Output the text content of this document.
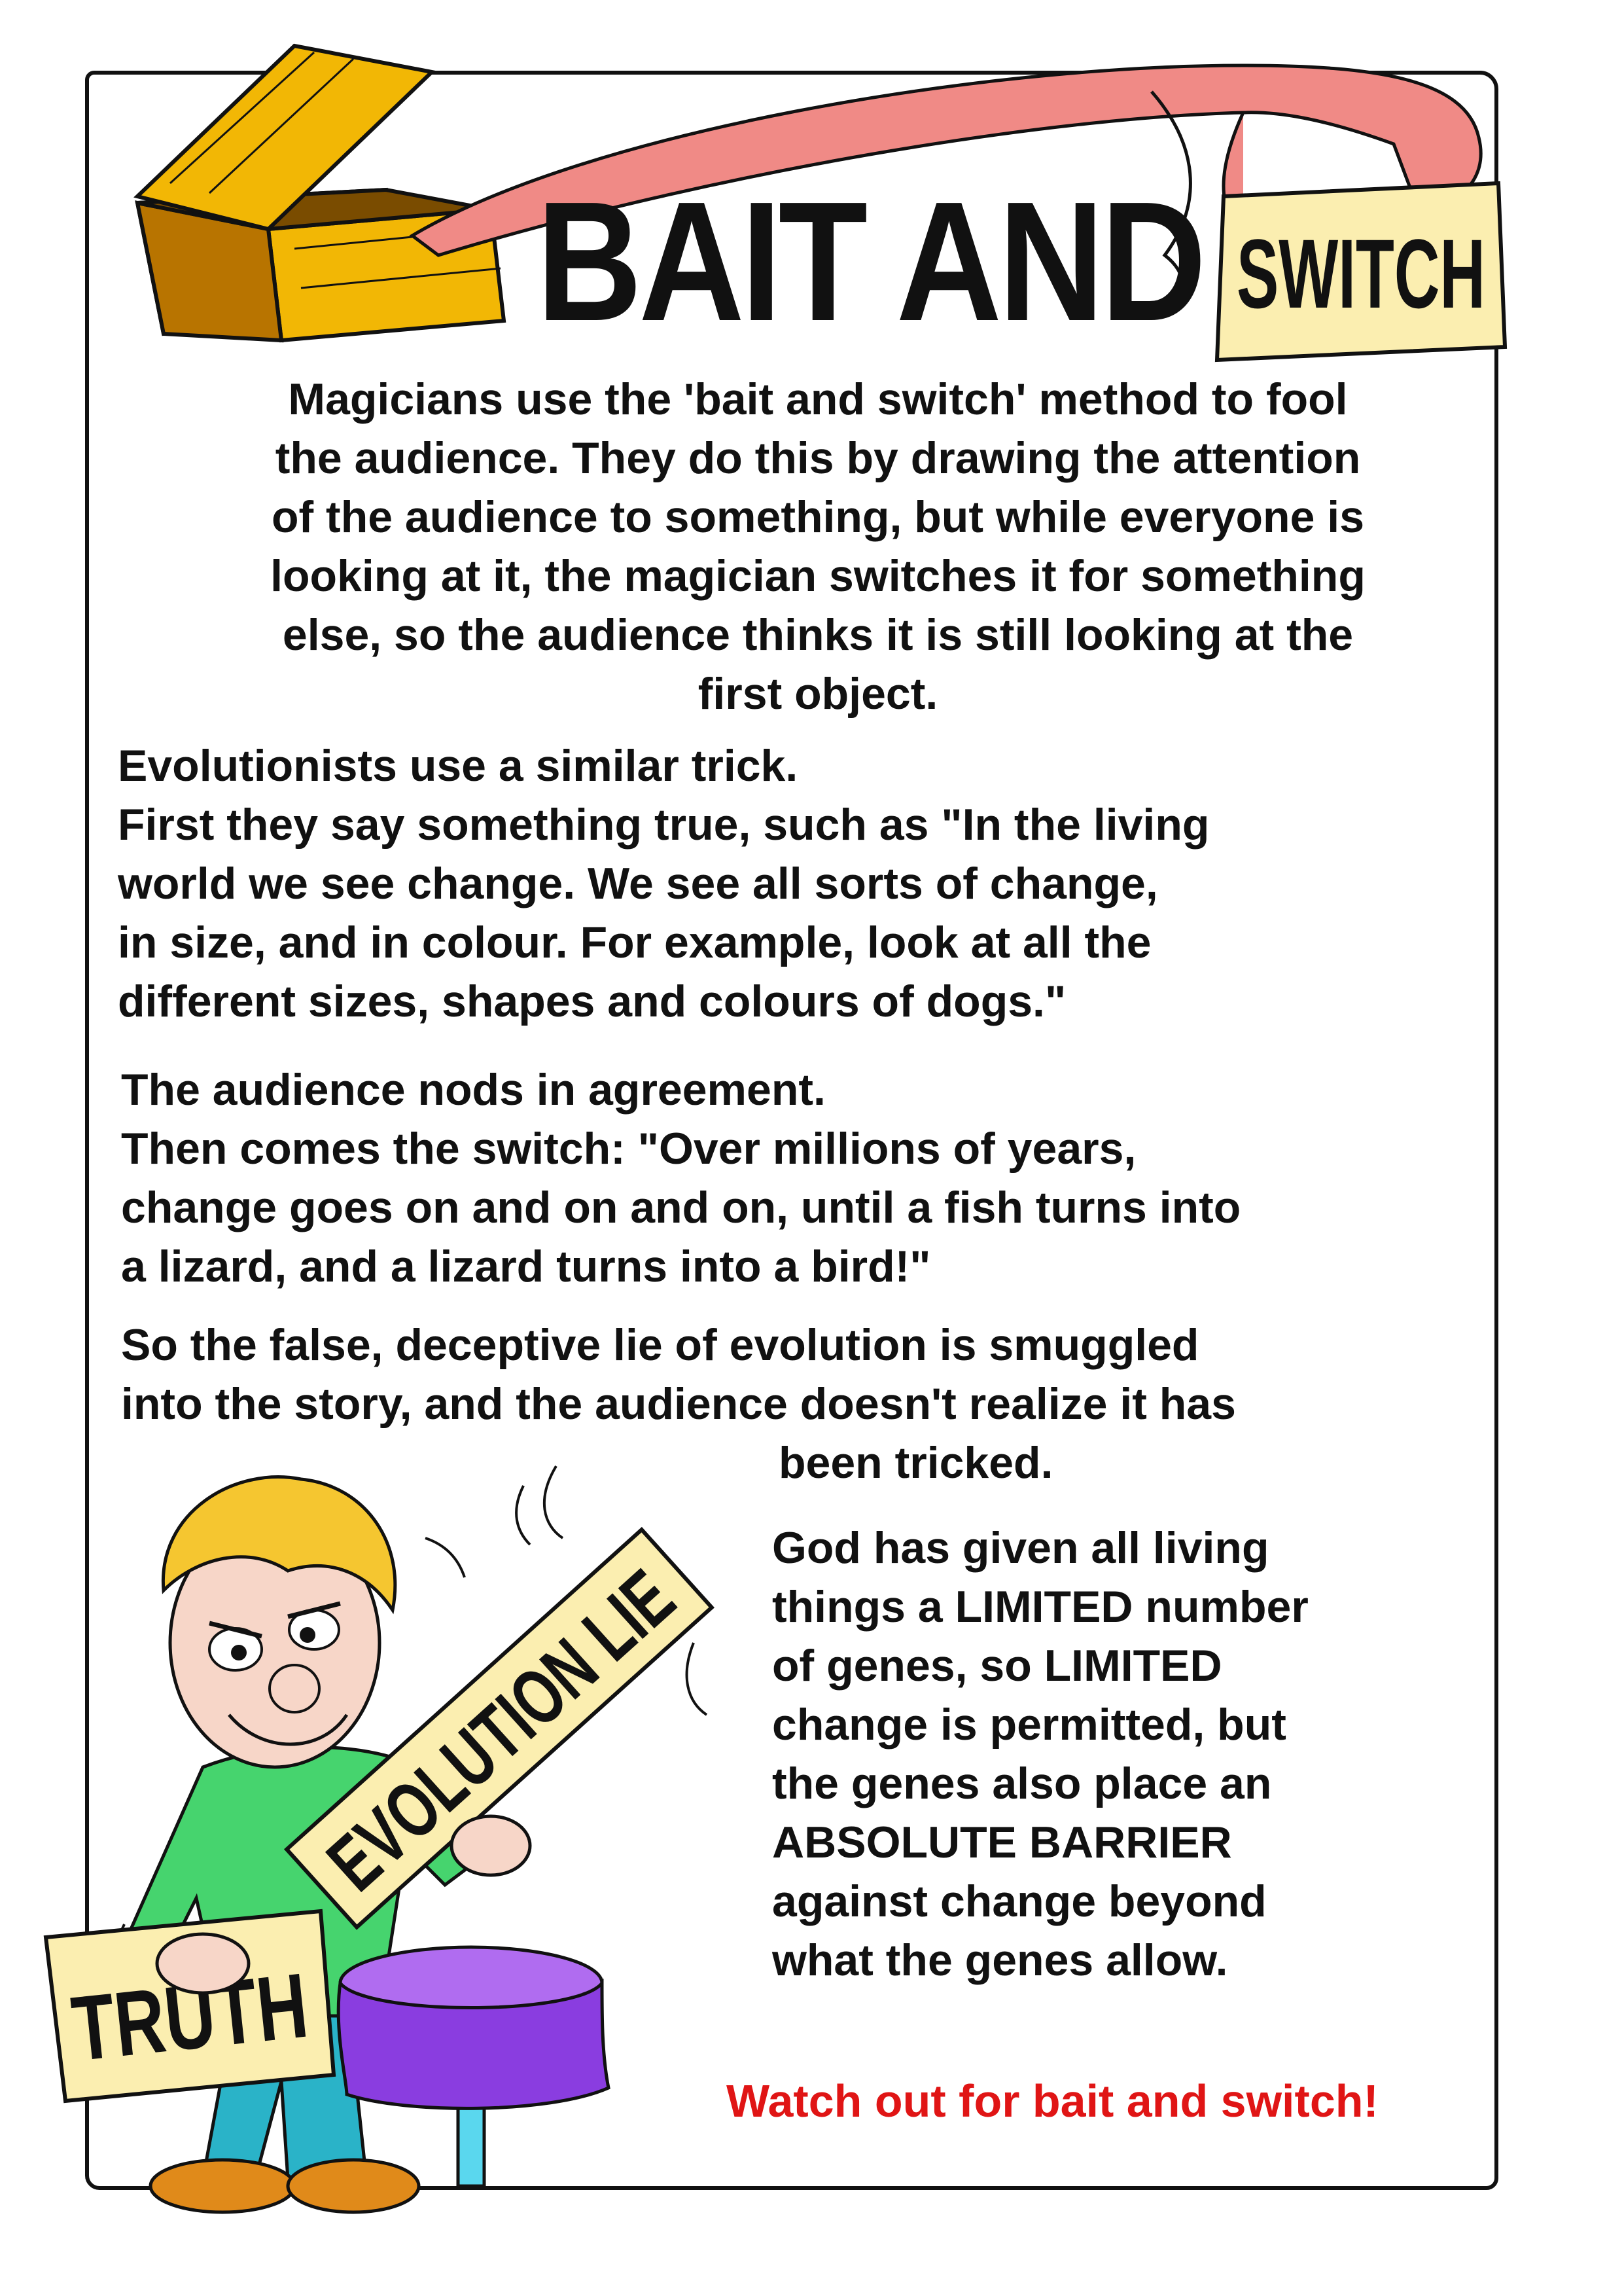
SWITCH
BAIT AND
Magicians use the 'bait and switch' method to fool
the audience. They do this by drawing the attention
of the audience to something, but while everyone is
looking at it, the magician switches it for something
else, so the audience thinks it is still looking at the
first object.
Evolutionists use a similar trick.
First they say something true, such as "In the living
world we see change. We see all sorts of change,
in size, and in colour. For example, look at all the
different sizes, shapes and colours of dogs."
The audience nods in agreement.
Then comes the switch: "Over millions of years,
change goes on and on and on, until a fish turns into
a lizard, and a lizard turns into a bird!"
So the false, deceptive lie of evolution is smuggled
into the story, and the audience doesn't realize it has
been tricked.
God has given all living
things a LIMITED number
of genes, so LIMITED
change is permitted, but
the genes also place an
ABSOLUTE BARRIER
against change beyond
what the genes allow.
TRUTH
EVOLUTION LIE
Watch out for bait and switch!
